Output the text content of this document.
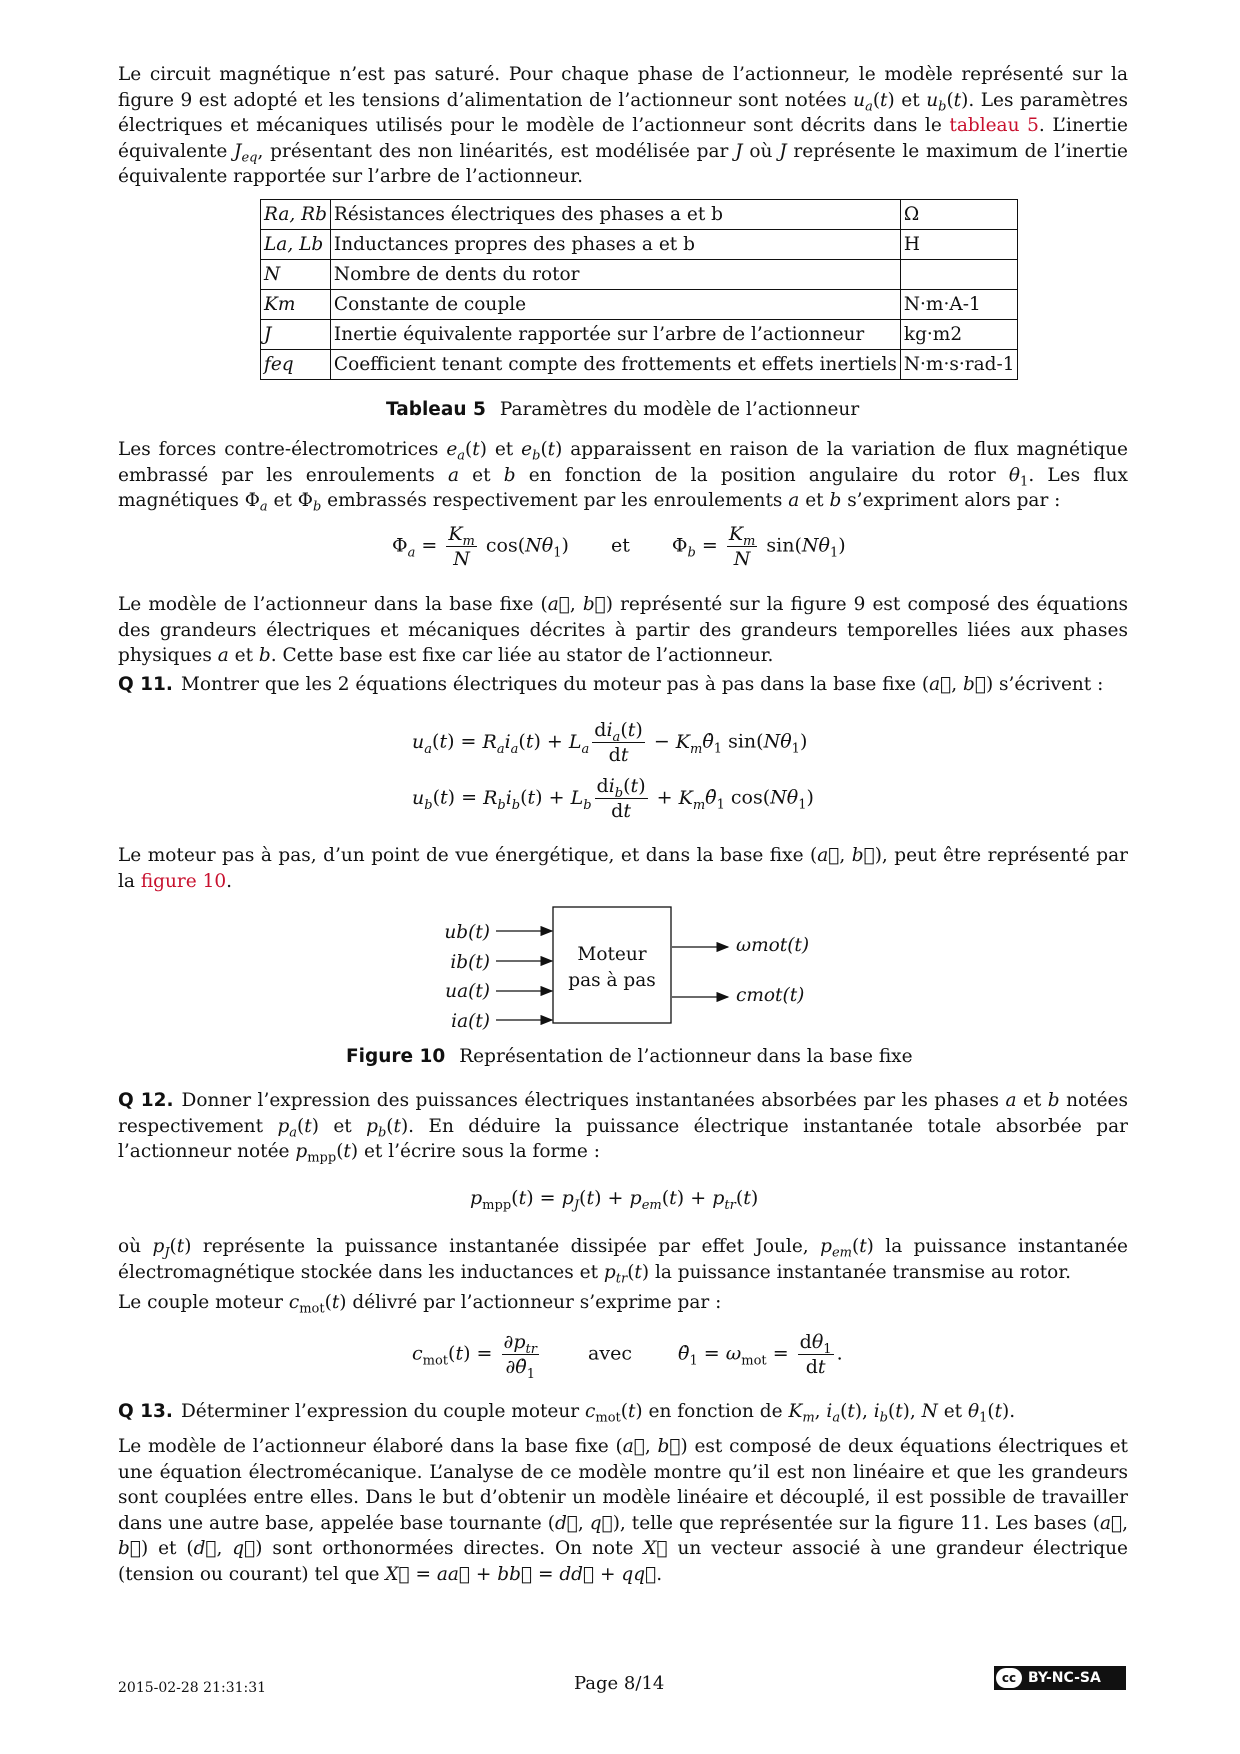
Le circuit magnétique n’est pas saturé. Pour chaque phase de l’actionneur, le modèle représenté sur la figure 9 est adopté et les tensions d’alimentation de l’actionneur sont notées $u_a(t)$ et $u_b(t)$. Les paramètres électriques et mécaniques utilisés pour le modèle de l’actionneur sont décrits dans le tableau 5. L’inertie équivalente $J_{eq}$, présentant des non linéarités, est modélisée par J où J représente le maximum de l’inertie équivalente rapportée sur l’arbre de l’actionneur.

Ra, Rb	Résistances électriques des phases a et b	Ω
La, Lb	Inductances propres des phases a et b	H
N	Nombre de dents du rotor	
Km	Constante de couple	N·m·A-1
J	Inertie équivalente rapportée sur l’arbre de l’actionneur	kg·m2
feq	Coefficient tenant compte des frottements et effets inertiels	N·m·s·rad-1
Tableau 5 Paramètres du modèle de l’actionneur

Les forces contre-électromotrices $e_a(t)$ et $e_b(t)$ apparaissent en raison de la variation de flux magnétique embrassé par les enroulements a et b en fonction de la position angulaire du rotor $\theta_1$. Les flux magnétiques $\Phi_a$ et $\Phi_b$ embrassés respectivement par les enroulements a et b s’expriment alors par :

$\Phi_a = \frac{K_m}{N} \cos(N\theta_1)$ et $\Phi_b = \frac{K_m}{N} \sin(N\theta_1)$

Le modèle de l’actionneur dans la base fixe (a⃗, b⃗) représenté sur la figure 9 est composé des équations des grandeurs électriques et mécaniques décrites à partir des grandeurs temporelles liées aux phases physiques a et b. Cette base est fixe car liée au stator de l’actionneur.

Q 11. Montrer que les 2 équations électriques du moteur pas à pas dans la base fixe (a⃗, b⃗) s’écrivent :

$u_a(t) = R_ai_a(t) + L_a \frac{di_a(t)}{dt}$ − $K_m\thetȧ_1$ $\sin(N\theta_1)$
$u_b(t) = R_bi_b(t) + L_b \frac{di_b(t)}{dt}$ + $K_m\thetȧ_1$ $\cos(N\theta_1)$

Le moteur pas à pas, d’un point de vue énergétique, et dans la base fixe (a⃗, b⃗), peut être représenté par la figure 10.

Moteur
pas à pas
ub(t)
ib(t)
ua(t)
ia(t)
ωmot(t)
cmot(t)
Figure 10 Représentation de l’actionneur dans la base fixe

Q 12. Donner l’expression des puissances électriques instantanées absorbées par les phases a et b notées respectivement $p_a(t)$ et $p_b(t)$. En déduire la puissance électrique instantanée totale absorbée par l’actionneur notée $p_{mpp}(t)$ et l’écrire sous la forme :

$p_{mpp}(t) = p_J(t) + p_{em}(t) + p_{tr}(t)$

où $p_J(t)$ représente la puissance instantanée dissipée par effet Joule, $p_{em}(t)$ la puissance instantanée électromagnétique stockée dans les inductances et $p_{tr}(t)$ la puissance instantanée transmise au rotor.

Le couple moteur $c_{mot}(t)$ délivré par l’actionneur s’exprime par :

$c_{mot}(t) = \frac{\partial p_{tr}}{\partial\thetȧ_1}$	avec $\thetȧ_1 = \omega_{mot} = \frac{d\theta_1}{dt}$ .

Q 13. Déterminer l’expression du couple moteur $c_{mot}(t)$ en fonction de $K_m$, $i_a(t)$, $i_b(t)$, N et $\theta_1(t)$.

Le modèle de l’actionneur élaboré dans la base fixe (a⃗, b⃗) est composé de deux équations électriques et une équation électromécanique. L’analyse de ce modèle montre qu’il est non linéaire et que les grandeurs sont couplées entre elles. Dans le but d’obtenir un modèle linéaire et découplé, il est possible de travailler dans une autre base, appelée base tournante (d⃗, q⃗), telle que représentée sur la figure 11. Les bases (a⃗, b⃗) et (d⃗, q⃗) sont orthonormées directes. On note X⃗ un vecteur associé à une grandeur électrique (tension ou courant) tel que X⃗ = aa⃗ + bb⃗ = dd⃗ + qq⃗.

2015-02-28 21:31:31	Page 8/14	cc BY-NC-SA
